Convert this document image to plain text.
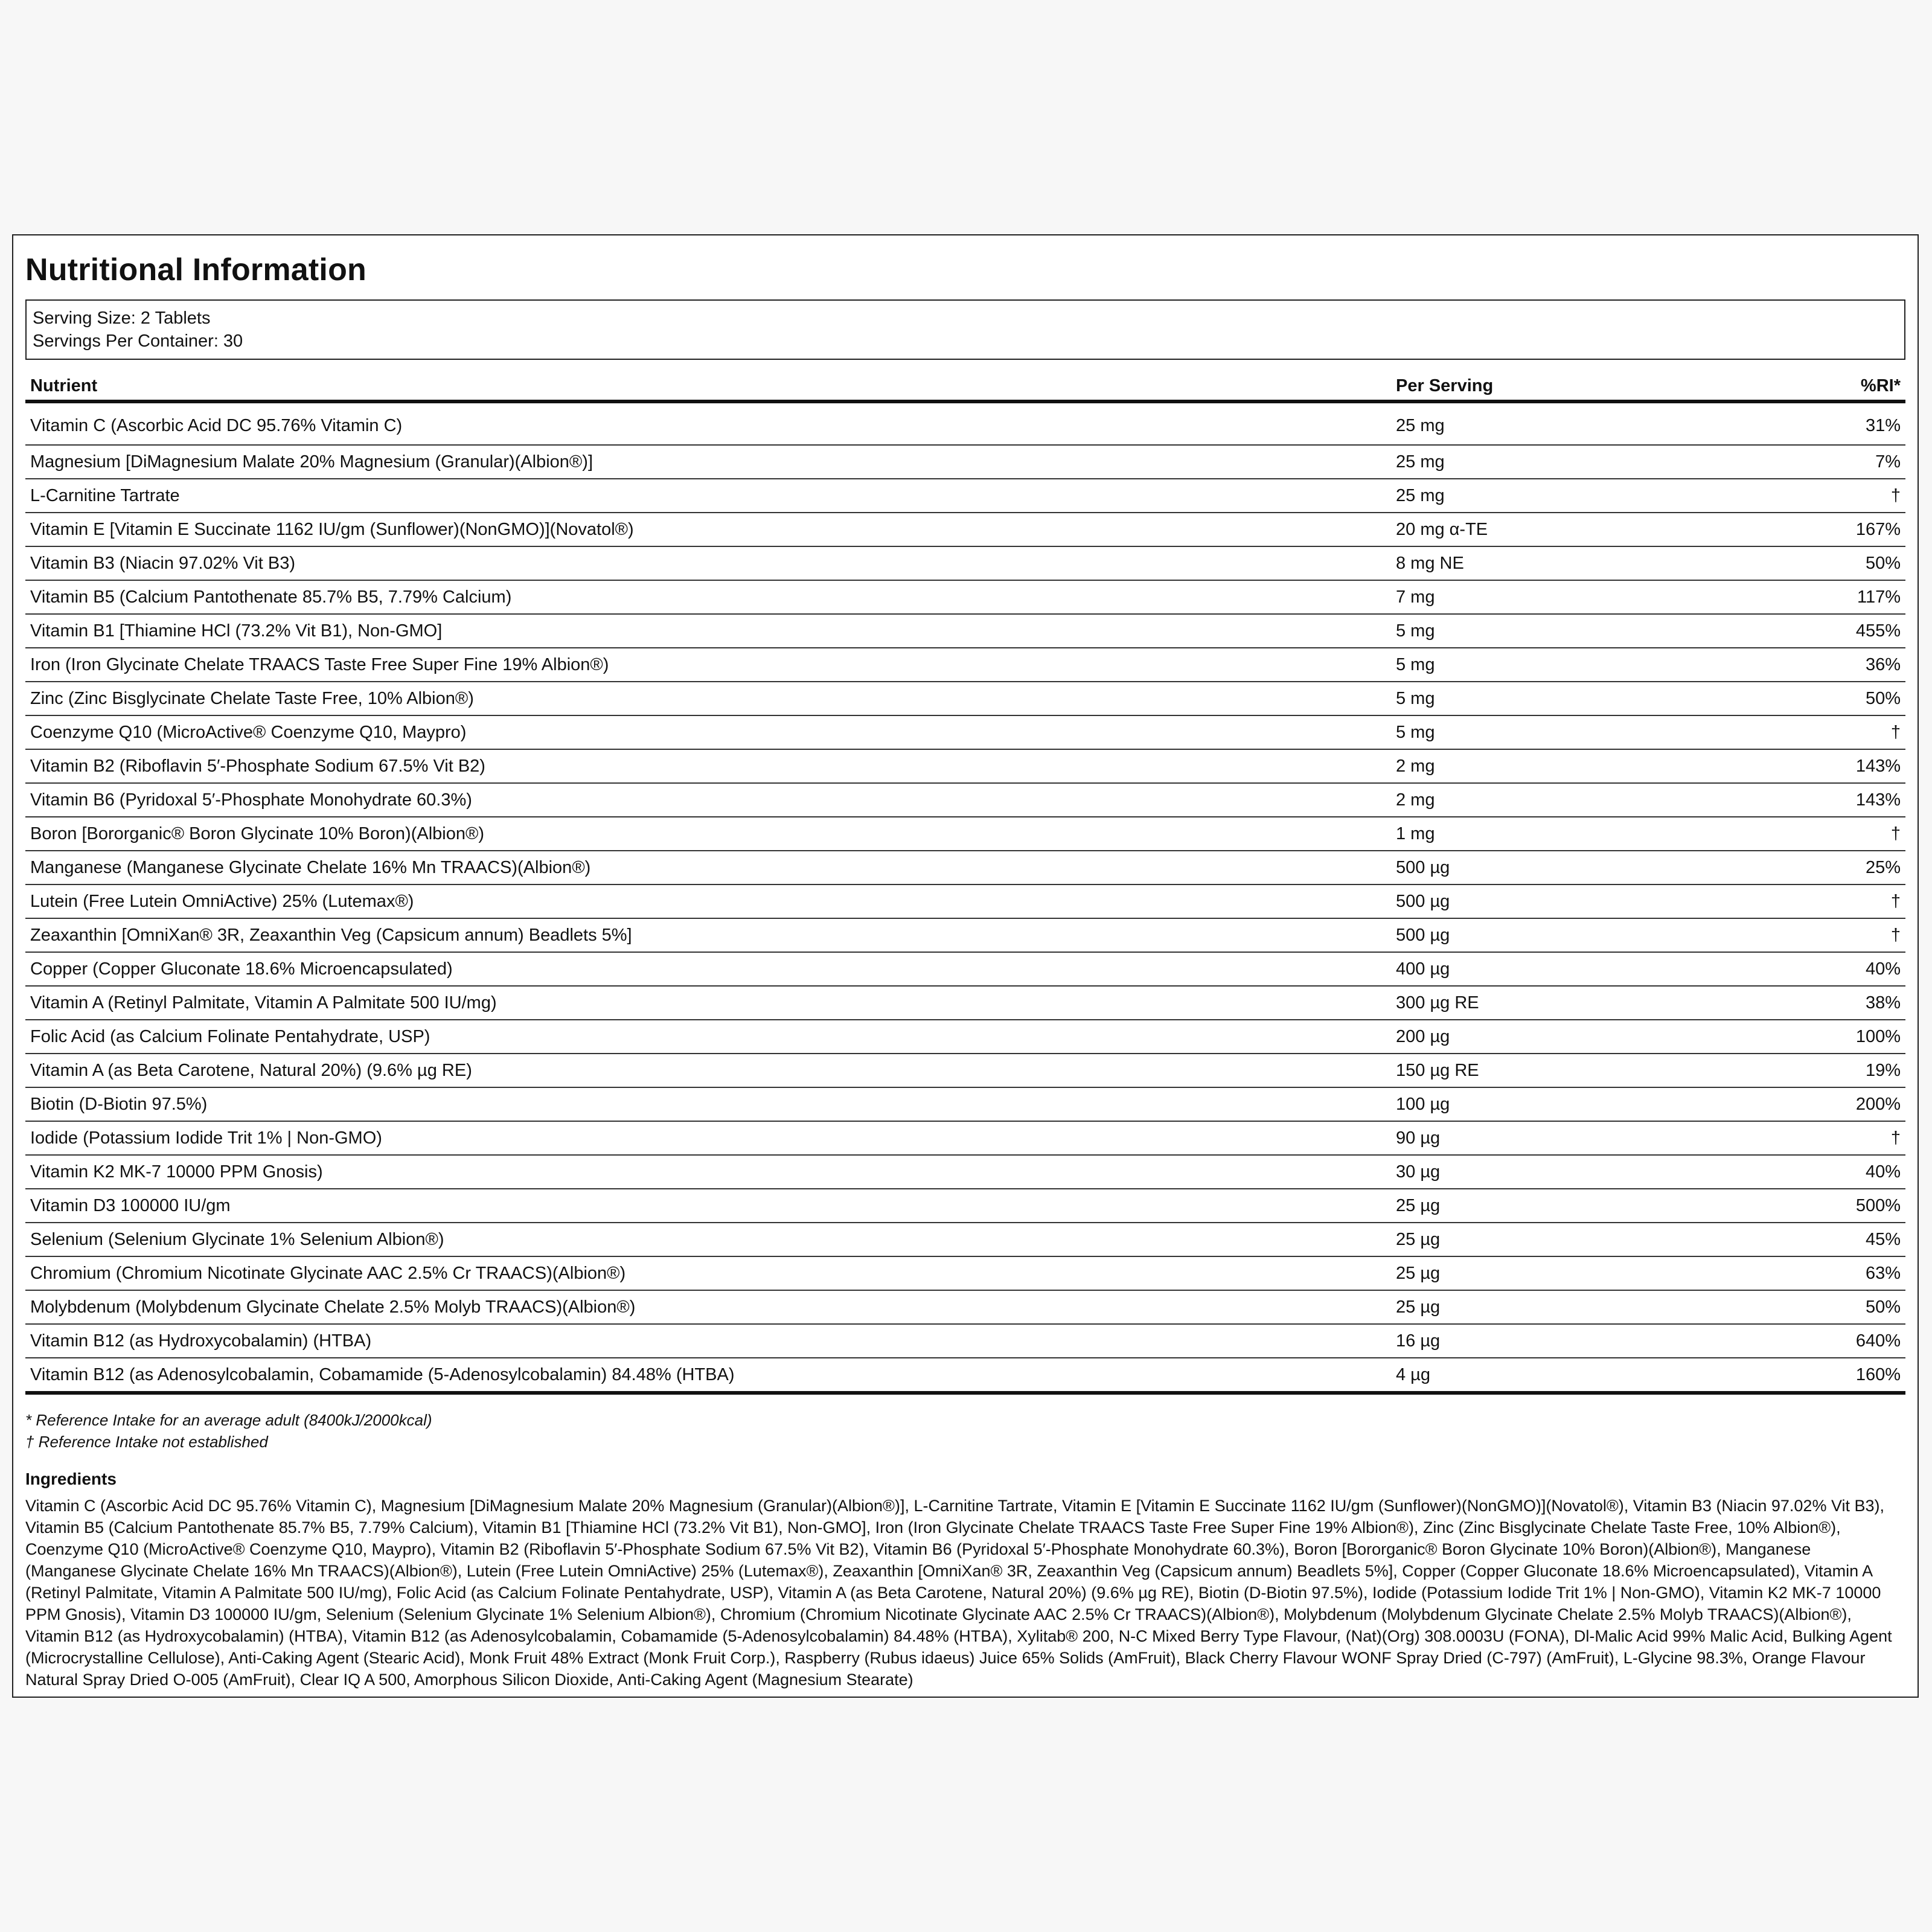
Nutritional Information
Serving Size: 2 Tablets
Servings Per Container: 30
Nutrient	Per Serving	%RI*
Vitamin C (Ascorbic Acid DC 95.76% Vitamin C)	25 mg	31%
Magnesium [DiMagnesium Malate 20% Magnesium (Granular)(Albion®)]	25 mg	7%
L-Carnitine Tartrate	25 mg	†
Vitamin E [Vitamin E Succinate 1162 IU/gm (Sunflower)(NonGMO)](Novatol®)	20 mg α-TE	167%
Vitamin B3 (Niacin 97.02% Vit B3)	8 mg NE	50%
Vitamin B5 (Calcium Pantothenate 85.7% B5, 7.79% Calcium)	7 mg	117%
Vitamin B1 [Thiamine HCl (73.2% Vit B1), Non-GMO]	5 mg	455%
Iron (Iron Glycinate Chelate TRAACS Taste Free Super Fine 19% Albion®)	5 mg	36%
Zinc (Zinc Bisglycinate Chelate Taste Free, 10% Albion®)	5 mg	50%
Coenzyme Q10 (MicroActive® Coenzyme Q10, Maypro)	5 mg	†
Vitamin B2 (Riboflavin 5′-Phosphate Sodium 67.5% Vit B2)	2 mg	143%
Vitamin B6 (Pyridoxal 5′-Phosphate Monohydrate 60.3%)	2 mg	143%
Boron [Bororganic® Boron Glycinate 10% Boron)(Albion®)	1 mg	†
Manganese (Manganese Glycinate Chelate 16% Mn TRAACS)(Albion®)	500 µg	25%
Lutein (Free Lutein OmniActive) 25% (Lutemax®)	500 µg	†
Zeaxanthin [OmniXan® 3R, Zeaxanthin Veg (Capsicum annum) Beadlets 5%]	500 µg	†
Copper (Copper Gluconate 18.6% Microencapsulated)	400 µg	40%
Vitamin A (Retinyl Palmitate, Vitamin A Palmitate 500 IU/mg)	300 µg RE	38%
Folic Acid (as Calcium Folinate Pentahydrate, USP)	200 µg	100%
Vitamin A (as Beta Carotene, Natural 20%) (9.6% µg RE)	150 µg RE	19%
Biotin (D-Biotin 97.5%)	100 µg	200%
Iodide (Potassium Iodide Trit 1% | Non-GMO)	90 µg	†
Vitamin K2 MK-7 10000 PPM Gnosis)	30 µg	40%
Vitamin D3 100000 IU/gm	25 µg	500%
Selenium (Selenium Glycinate 1% Selenium Albion®)	25 µg	45%
Chromium (Chromium Nicotinate Glycinate AAC 2.5% Cr TRAACS)(Albion®)	25 µg	63%
Molybdenum (Molybdenum Glycinate Chelate 2.5% Molyb TRAACS)(Albion®)	25 µg	50%
Vitamin B12 (as Hydroxycobalamin) (HTBA)	16 µg	640%
Vitamin B12 (as Adenosylcobalamin, Cobamamide (5-Adenosylcobalamin) 84.48% (HTBA)	4 µg	160%
* Reference Intake for an average adult (8400kJ/2000kcal)
† Reference Intake not established
Ingredients
Vitamin C (Ascorbic Acid DC 95.76% Vitamin C), Magnesium [DiMagnesium Malate 20% Magnesium (Granular)(Albion®)], L-Carnitine Tartrate, Vitamin E [Vitamin E Succinate 1162 IU/gm (Sunflower)(NonGMO)](Novatol®), Vitamin B3 (Niacin 97.02% Vit B3), Vitamin B5 (Calcium Pantothenate 85.7% B5, 7.79% Calcium), Vitamin B1 [Thiamine HCl (73.2% Vit B1), Non-GMO], Iron (Iron Glycinate Chelate TRAACS Taste Free Super Fine 19% Albion®), Zinc (Zinc Bisglycinate Chelate Taste Free, 10% Albion®), Coenzyme Q10 (MicroActive® Coenzyme Q10, Maypro), Vitamin B2 (Riboflavin 5′-Phosphate Sodium 67.5% Vit B2), Vitamin B6 (Pyridoxal 5′-Phosphate Monohydrate 60.3%), Boron [Bororganic® Boron Glycinate 10% Boron)(Albion®), Manganese (Manganese Glycinate Chelate 16% Mn TRAACS)(Albion®), Lutein (Free Lutein OmniActive) 25% (Lutemax®), Zeaxanthin [OmniXan® 3R, Zeaxanthin Veg (Capsicum annum) Beadlets 5%], Copper (Copper Gluconate 18.6% Microencapsulated), Vitamin A (Retinyl Palmitate, Vitamin A Palmitate 500 IU/mg), Folic Acid (as Calcium Folinate Pentahydrate, USP), Vitamin A (as Beta Carotene, Natural 20%) (9.6% µg RE), Biotin (D-Biotin 97.5%), Iodide (Potassium Iodide Trit 1% | Non-GMO), Vitamin K2 MK-7 10000 PPM Gnosis), Vitamin D3 100000 IU/gm, Selenium (Selenium Glycinate 1% Selenium Albion®), Chromium (Chromium Nicotinate Glycinate AAC 2.5% Cr TRAACS)(Albion®), Molybdenum (Molybdenum Glycinate Chelate 2.5% Molyb TRAACS)(Albion®), Vitamin B12 (as Hydroxycobalamin) (HTBA), Vitamin B12 (as Adenosylcobalamin, Cobamamide (5-Adenosylcobalamin) 84.48% (HTBA), Xylitab® 200, N-C Mixed Berry Type Flavour, (Nat)(Org) 308.0003U (FONA), Dl-Malic Acid 99% Malic Acid, Bulking Agent (Microcrystalline Cellulose), Anti-Caking Agent (Stearic Acid), Monk Fruit 48% Extract (Monk Fruit Corp.), Raspberry (Rubus idaeus) Juice 65% Solids (AmFruit), Black Cherry Flavour WONF Spray Dried (C-797) (AmFruit), L-Glycine 98.3%, Orange Flavour Natural Spray Dried O-005 (AmFruit), Clear IQ A 500, Amorphous Silicon Dioxide, Anti-Caking Agent (Magnesium Stearate)
